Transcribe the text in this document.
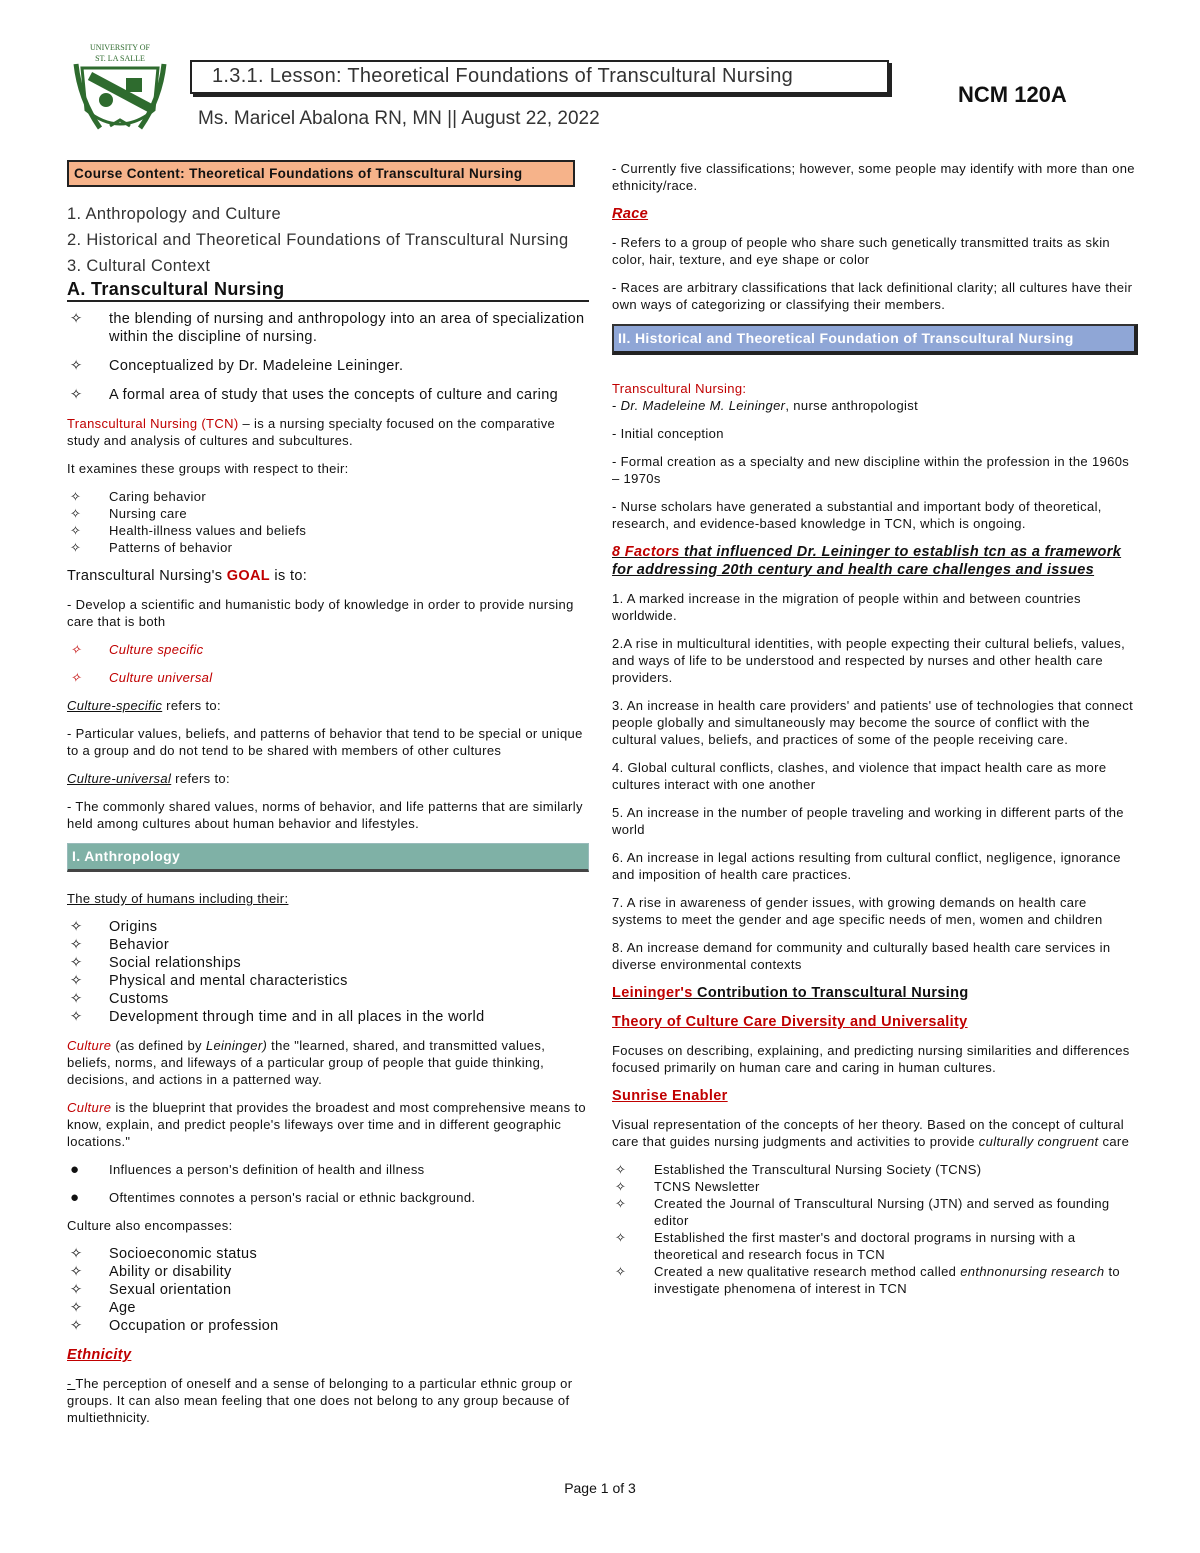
UNIVERSITY OF
ST. LA SALLE
1.3.1. Lesson: Theoretical Foundations of Transcultural Nursing
NCM 120A
Ms. Maricel Abalona RN, MN || August 22, 2022
Course Content: Theoretical Foundations of Transcultural Nursing
1. Anthropology and Culture
2. Historical and Theoretical Foundations of Transcultural Nursing
3. Cultural Context
A. Transcultural Nursing
✧ the blending of nursing and anthropology into an area of specialization within the discipline of nursing.
✧ Conceptualized by Dr. Madeleine Leininger.
✧ A formal area of study that uses the concepts of culture and caring
Transcultural Nursing (TCN) – is a nursing specialty focused on the comparative study and analysis of cultures and subcultures.
It examines these groups with respect to their:
✧ Caring behavior
✧ Nursing care
✧ Health-illness values and beliefs
✧ Patterns of behavior
Transcultural Nursing's GOAL is to:
- Develop a scientific and humanistic body of knowledge in order to provide nursing care that is both
✧ Culture specific
✧ Culture universal
Culture-specific refers to:
- Particular values, beliefs, and patterns of behavior that tend to be special or unique to a group and do not tend to be shared with members of other cultures
Culture-universal refers to:
- The commonly shared values, norms of behavior, and life patterns that are similarly held among cultures about human behavior and lifestyles.
I. Anthropology
The study of humans including their:
✧ Origins
✧ Behavior
✧ Social relationships
✧ Physical and mental characteristics
✧ Customs
✧ Development through time and in all places in the world
Culture (as defined by Leininger) the "learned, shared, and transmitted values, beliefs, norms, and lifeways of a particular group of people that guide thinking, decisions, and actions in a patterned way.
Culture is the blueprint that provides the broadest and most comprehensive means to know, explain, and predict people's lifeways over time and in different geographic locations."
● Influences a person's definition of health and illness
● Oftentimes connotes a person's racial or ethnic background.
Culture also encompasses:
✧ Socioeconomic status
✧ Ability or disability
✧ Sexual orientation
✧ Age
✧ Occupation or profession
Ethnicity
- The perception of oneself and a sense of belonging to a particular ethnic group or groups. It can also mean feeling that one does not belong to any group because of multiethnicity.
- Currently five classifications; however, some people may identify with more than one ethnicity/race.
Race
- Refers to a group of people who share such genetically transmitted traits as skin color, hair, texture, and eye shape or color
- Races are arbitrary classifications that lack definitional clarity; all cultures have their own ways of categorizing or classifying their members.
II. Historical and Theoretical Foundation of Transcultural Nursing
Transcultural Nursing:
- Dr. Madeleine M. Leininger, nurse anthropologist
- Initial conception
- Formal creation as a specialty and new discipline within the profession in the 1960s – 1970s
- Nurse scholars have generated a substantial and important body of theoretical, research, and evidence-based knowledge in TCN, which is ongoing.
8 Factors that influenced Dr. Leininger to establish tcn as a framework for addressing 20th century and health care challenges and issues
1. A marked increase in the migration of people within and between countries worldwide.
2.A rise in multicultural identities, with people expecting their cultural beliefs, values, and ways of life to be understood and respected by nurses and other health care providers.
3. An increase in health care providers' and patients' use of technologies that connect people globally and simultaneously may become the source of conflict with the cultural values, beliefs, and practices of some of the people receiving care.
4. Global cultural conflicts, clashes, and violence that impact health care as more cultures interact with one another
5. An increase in the number of people traveling and working in different parts of the world
6. An increase in legal actions resulting from cultural conflict, negligence, ignorance and imposition of health care practices.
7. A rise in awareness of gender issues, with growing demands on health care systems to meet the gender and age specific needs of men, women and children
8. An increase demand for community and culturally based health care services in diverse environmental contexts
Leininger's Contribution to Transcultural Nursing
Theory of Culture Care Diversity and Universality
Focuses on describing, explaining, and predicting nursing similarities and differences focused primarily on human care and caring in human cultures.
Sunrise Enabler
Visual representation of the concepts of her theory. Based on the concept of cultural care that guides nursing judgments and activities to provide culturally congruent care
✧ Established the Transcultural Nursing Society (TCNS)
✧ TCNS Newsletter
✧ Created the Journal of Transcultural Nursing (JTN) and served as founding editor
✧ Established the first master's and doctoral programs in nursing with a theoretical and research focus in TCN
✧ Created a new qualitative research method called enthnonursing research to investigate phenomena of interest in TCN
Page 1 of 3
